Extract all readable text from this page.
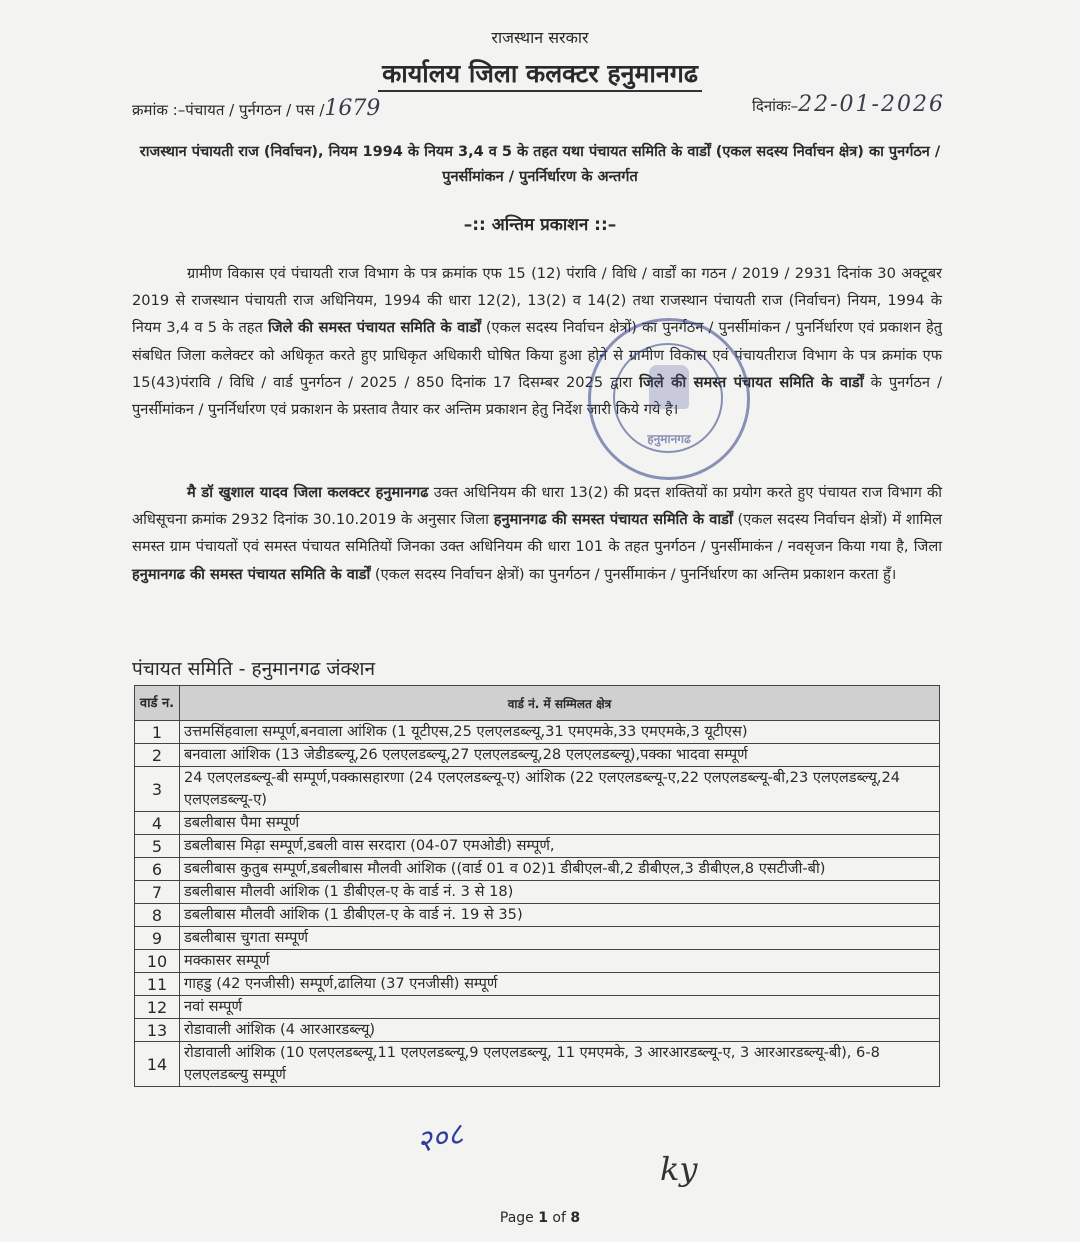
राजस्थान सरकार
कार्यालय जिला कलक्टर हनुमानगढ
क्रमांक :–पंचायत / पुर्नगठन / पस /1679	दिनांकः–22-01-2026
राजस्थान पंचायती राज (निर्वाचन), नियम 1994 के नियम 3,4 व 5 के तहत यथा पंचायत समिति के वार्डों (एकल सदस्य निर्वाचन क्षेत्र) का पुनर्गठन / पुनर्सीमांकन / पुनर्निर्धारण के अन्तर्गत
–:: अन्तिम प्रकाशन ::–
ग्रामीण विकास एवं पंचायती राज विभाग के पत्र क्रमांक एफ 15 (12) पंरावि / विधि / वार्डों का गठन / 2019 / 2931 दिनांक 30 अक्टूबर 2019 से राजस्थान पंचायती राज अधिनियम, 1994 की धारा 12(2), 13(2) व 14(2) तथा राजस्थान पंचायती राज (निर्वाचन) नियम, 1994 के नियम 3,4 व 5 के तहत जिले की समस्त पंचायत समिति के वार्डों (एकल सदस्य निर्वाचन क्षेत्रों) का पुनर्गठन / पुनर्सीमांकन / पुनर्निर्धारण एवं प्रकाशन हेतु संबधित जिला कलेक्टर को अधिकृत करते हुए प्राधिकृत अधिकारी घोषित किया हुआ होने से ग्रामीण विकास एवं पंचायतीराज विभाग के पत्र क्रमांक एफ 15(43)पंरावि / विधि / वार्ड पुनर्गठन / 2025 / 850 दिनांक 17 दिसम्बर 2025 द्वारा जिले की समस्त पंचायत समिति के वार्डों के पुनर्गठन / पुनर्सीमांकन / पुनर्निर्धारण एवं प्रकाशन के प्रस्ताव तैयार कर अन्तिम प्रकाशन हेतु निर्देश जारी किये गये है।
मै डॉ खुशाल यादव जिला कलक्टर हनुमानगढ उक्त अधिनियम की धारा 13(2) की प्रदत्त शक्तियों का प्रयोग करते हुए पंचायत राज विभाग की अधिसूचना क्रमांक 2932 दिनांक 30.10.2019 के अनुसार जिला हनुमानगढ की समस्त पंचायत समिति के वार्डों (एकल सदस्य निर्वाचन क्षेत्रों) में शामिल समस्त ग्राम पंचायतों एवं समस्त पंचायत समितियों जिनका उक्त अधिनियम की धारा 101 के तहत पुनर्गठन / पुनर्सीमाकंन / नवसृजन किया गया है, जिला हनुमानगढ की समस्त पंचायत समिति के वार्डों (एकल सदस्य निर्वाचन क्षेत्रों) का पुनर्गठन / पुनर्सीमाकंन / पुनर्निर्धारण का अन्तिम प्रकाशन करता हुँ।
हनुमानगढ
पंचायत समिति - हनुमानगढ जंक्शन
वार्ड न.	वार्ड नं. में सम्मिलत क्षेत्र
1	उत्तमसिंहवाला सम्पूर्ण,बनवाला आंशिक (1 यूटीएस,25 एलएलडब्ल्यू,31 एमएमके,33 एमएमके,3 यूटीएस)
2	बनवाला आंशिक (13 जेडीडब्ल्यू,26 एलएलडब्ल्यू,27 एलएलडब्ल्यू,28 एलएलडब्ल्यू),पक्का भादवा सम्पूर्ण
3	24 एलएलडब्ल्यू-बी सम्पूर्ण,पक्कासहारणा (24 एलएलडब्ल्यू-ए) आंशिक (22 एलएलडब्ल्यू-ए,22 एलएलडब्ल्यू-बी,23 एलएलडब्ल्यू,24 एलएलडब्ल्यू-ए)
4	डबलीबास पैमा सम्पूर्ण
5	डबलीबास मिढ़ा सम्पूर्ण,डबली वास सरदारा (04-07 एमओडी) सम्पूर्ण,
6	डबलीबास कुतुब सम्पूर्ण,डबलीबास मौलवी आंशिक ((वार्ड 01 व 02)1 डीबीएल-बी,2 डीबीएल,3 डीबीएल,8 एसटीजी-बी)
7	डबलीबास मौलवी आंशिक (1 डीबीएल-ए के वार्ड नं. 3 से 18)
8	डबलीबास मौलवी आंशिक (1 डीबीएल-ए के वार्ड नं. 19 से 35)
9	डबलीबास चुगता सम्पूर्ण
10	मक्कासर सम्पूर्ण
11	गाहडु (42 एनजीसी) सम्पूर्ण,ढालिया (37 एनजीसी) सम्पूर्ण
12	नवां सम्पूर्ण
13	रोडावाली आंशिक (4 आरआरडब्ल्यू)
14	रोडावाली आंशिक (10 एलएलडब्ल्यू,11 एलएलडब्ल्यू,9 एलएलडब्ल्यू, 11 एमएमके, 3 आरआरडब्ल्यू-ए, 3 आरआरडब्ल्यू-बी), 6-8 एलएलडब्ल्यु सम्पूर्ण
२०८
ky
Page 1 of 8
